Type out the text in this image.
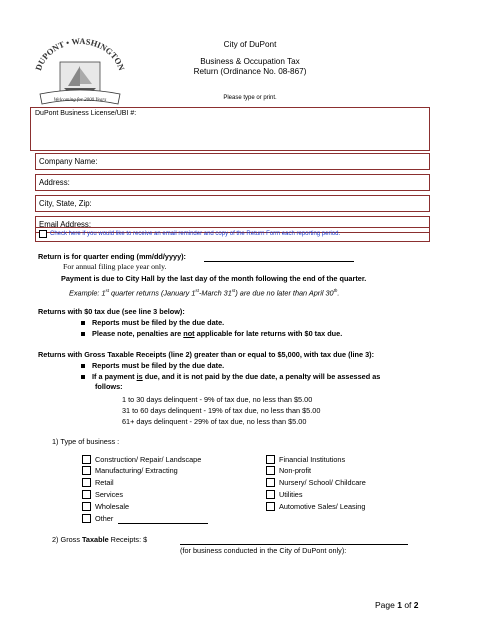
DUPONT • WASHINGTON
Welcoming for 2000 Years
City of DuPont
Business & Occupation Tax
Return (Ordinance No. 08-867)
Please type or print.
DuPont Business License/UBI #:
Company Name:
Address:
City, State, Zip:
Email Address:
Check here if you would like to receive an email reminder and copy of the Return Form each reporting period.
Return is for quarter ending (mm/dd/yyyy):
For annual filing place year only.
Payment is due to City Hall by the last day of the month following the end of the quarter.
Example: 1st quarter returns (January 1st-March 31st) are due no later than April 30th.
Returns with $0 tax due (see line 3 below):
Reports must be filed by the due date.
Please note, penalties are not applicable for late returns with $0 tax due.
Returns with Gross Taxable Receipts (line 2) greater than or equal to $5,000, with tax due (line 3):
Reports must be filed by the due date.
If a payment is due, and it is not paid by the due date, a penalty will be assessed as
follows:
1 to 30 days delinquent - 9% of tax due, no less than $5.00
31 to 60 days delinquent - 19% of tax due, no less than $5.00
61+ days delinquent - 29% of tax due, no less than $5.00
1) Type of business :
Construction/ Repair/ Landscape
Manufacturing/ Extracting
Retail
Services
Wholesale
Other
Financial Institutions
Non-profit
Nursery/ School/ Childcare
Utilities
Automotive Sales/ Leasing
2) Gross Taxable Receipts: $
(for business conducted in the City of DuPont only):
Page 1 of 2
